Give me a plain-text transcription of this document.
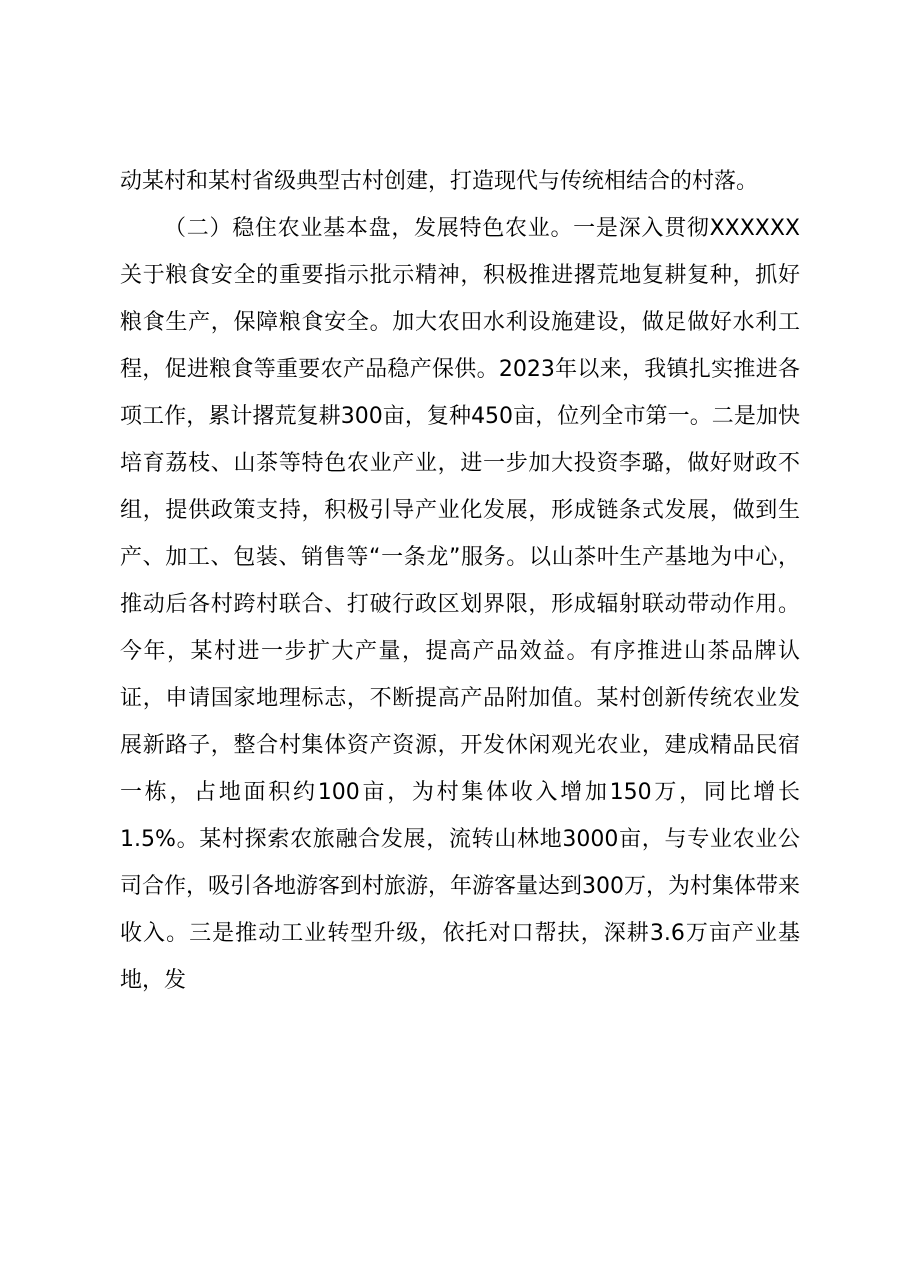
动某村和某村省级典型古村创建，打造现代与传统相结合的村落。

（二）稳住农业基本盘，发展特色农业。一是深入贯彻XXXXXX关于粮食安全的重要指示批示精神，积极推进撂荒地复耕复种，抓好粮食生产，保障粮食安全。加大农田水利设施建设，做足做好水利工程，促进粮食等重要农产品稳产保供。2023年以来，我镇扎实推进各项工作，累计撂荒复耕300亩，复种450亩，位列全市第一。二是加快培育荔枝、山茶等特色农业产业，进一步加大投资李璐，做好财政不组，提供政策支持，积极引导产业化发展，形成链条式发展，做到生产、加工、包装、销售等“一条龙”服务。以山茶叶生产基地为中心，推动后各村跨村联合、打破行政区划界限，形成辐射联动带动作用。今年，某村进一步扩大产量，提高产品效益。有序推进山茶品牌认证，申请国家地理标志，不断提高产品附加值。某村创新传统农业发展新路子，整合村集体资产资源，开发休闲观光农业，建成精品民宿一栋，占地面积约100亩，为村集体收入增加150万，同比增长1.5%。某村探索农旅融合发展，流转山林地3000亩，与专业农业公司合作，吸引各地游客到村旅游，年游客量达到300万，为村集体带来收入。三是推动工业转型升级，依托对口帮扶，深耕3.6万亩产业基地，发
